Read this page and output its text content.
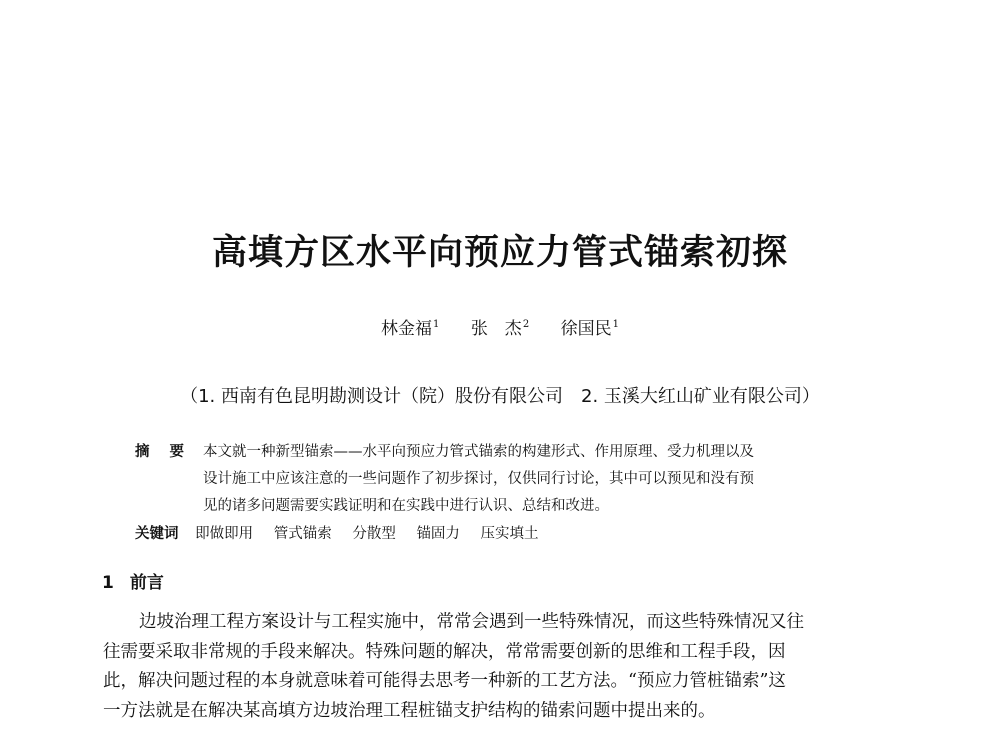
高填方区水平向预应力管式锚索初探
林金福$^1$ 张　杰$^2$ 徐国民$^1$
（1. 西南有色昆明勘测设计（院）股份有限公司　2. 玉溪大红山矿业有限公司）
摘要 本文就一种新型锚索——水平向预应力管式锚索的构建形式、作用原理、受力机理以及
设计施工中应该注意的一些问题作了初步探讨，仅供同行讨论，其中可以预见和没有预
见的诸多问题需要实践证明和在实践中进行认识、总结和改进。
关键词 即做即用 管式锚索 分散型 锚固力 压实填土
1 前言
边坡治理工程方案设计与工程实施中，常常会遇到一些特殊情况，而这些特殊情况又往
往需要采取非常规的手段来解决。特殊问题的解决，常常需要创新的思维和工程手段，因
此，解决问题过程的本身就意味着可能得去思考一种新的工艺方法。“预应力管桩锚索”这
一方法就是在解决某高填方边坡治理工程桩锚支护结构的锚索问题中提出来的。
